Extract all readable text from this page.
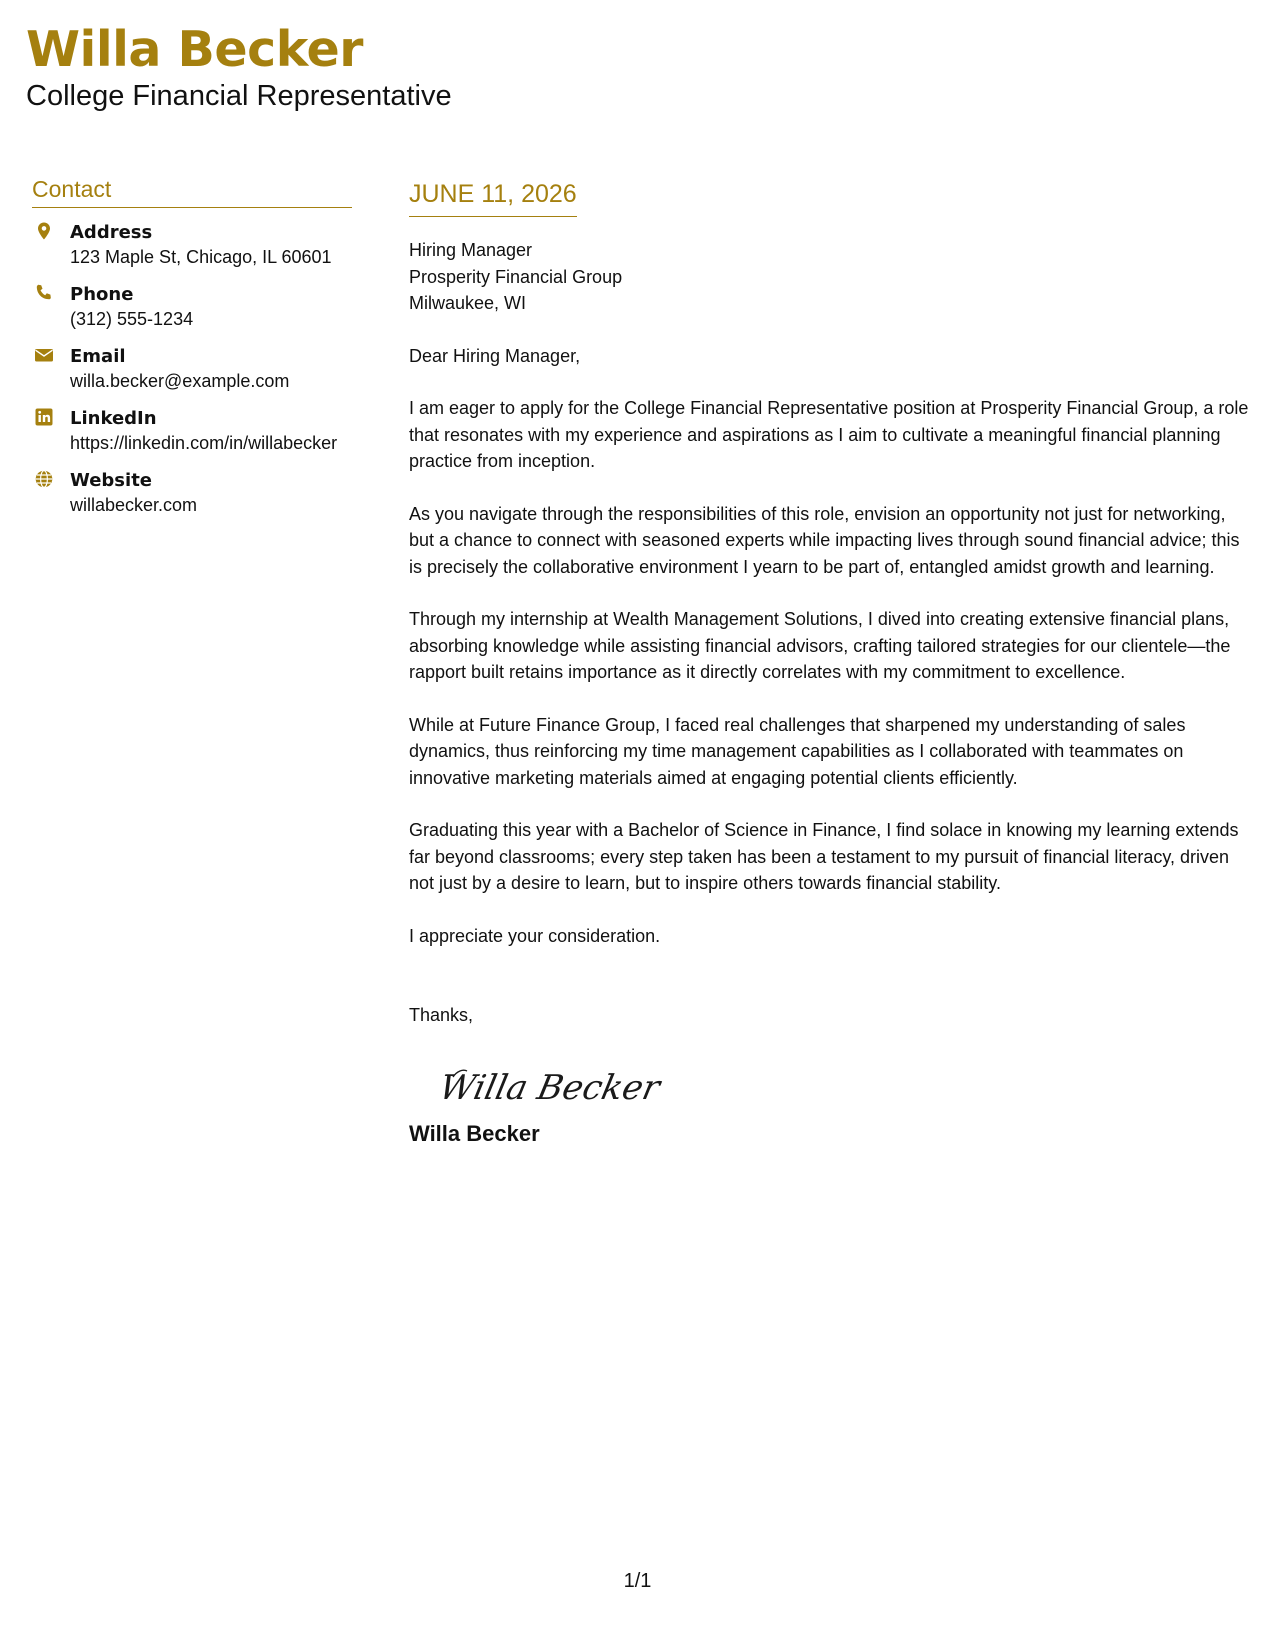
Willa Becker
College Financial Representative
Contact
Address
123 Maple St, Chicago, IL 60601
Phone
(312) 555-1234
Email
willa.becker@example.com
LinkedIn
https://linkedin.com/in/willabecker
Website
willabecker.com
JUNE 11, 2026
Hiring Manager
Prosperity Financial Group
Milwaukee, WI

Dear Hiring Manager,

I am eager to apply for the College Financial Representative position at Prosperity Financial Group, a role that resonates with my experience and aspirations as I aim to cultivate a meaningful financial planning practice from inception.

As you navigate through the responsibilities of this role, envision an opportunity not just for networking, but a chance to connect with seasoned experts while impacting lives through sound financial advice; this is precisely the collaborative environment I yearn to be part of, entangled amidst growth and learning.

Through my internship at Wealth Management Solutions, I dived into creating extensive financial plans, absorbing knowledge while assisting financial advisors, crafting tailored strategies for our clientele—the rapport built retains importance as it directly correlates with my commitment to excellence.

While at Future Finance Group, I faced real challenges that sharpened my understanding of sales dynamics, thus reinforcing my time management capabilities as I collaborated with teammates on innovative marketing materials aimed at engaging potential clients efficiently.

Graduating this year with a Bachelor of Science in Finance, I find solace in knowing my learning extends far beyond classrooms; every step taken has been a testament to my pursuit of financial literacy, driven not just by a desire to learn, but to inspire others towards financial stability.

I appreciate your consideration.

Thanks,

Willa Becker
Willa Becker
1/1
